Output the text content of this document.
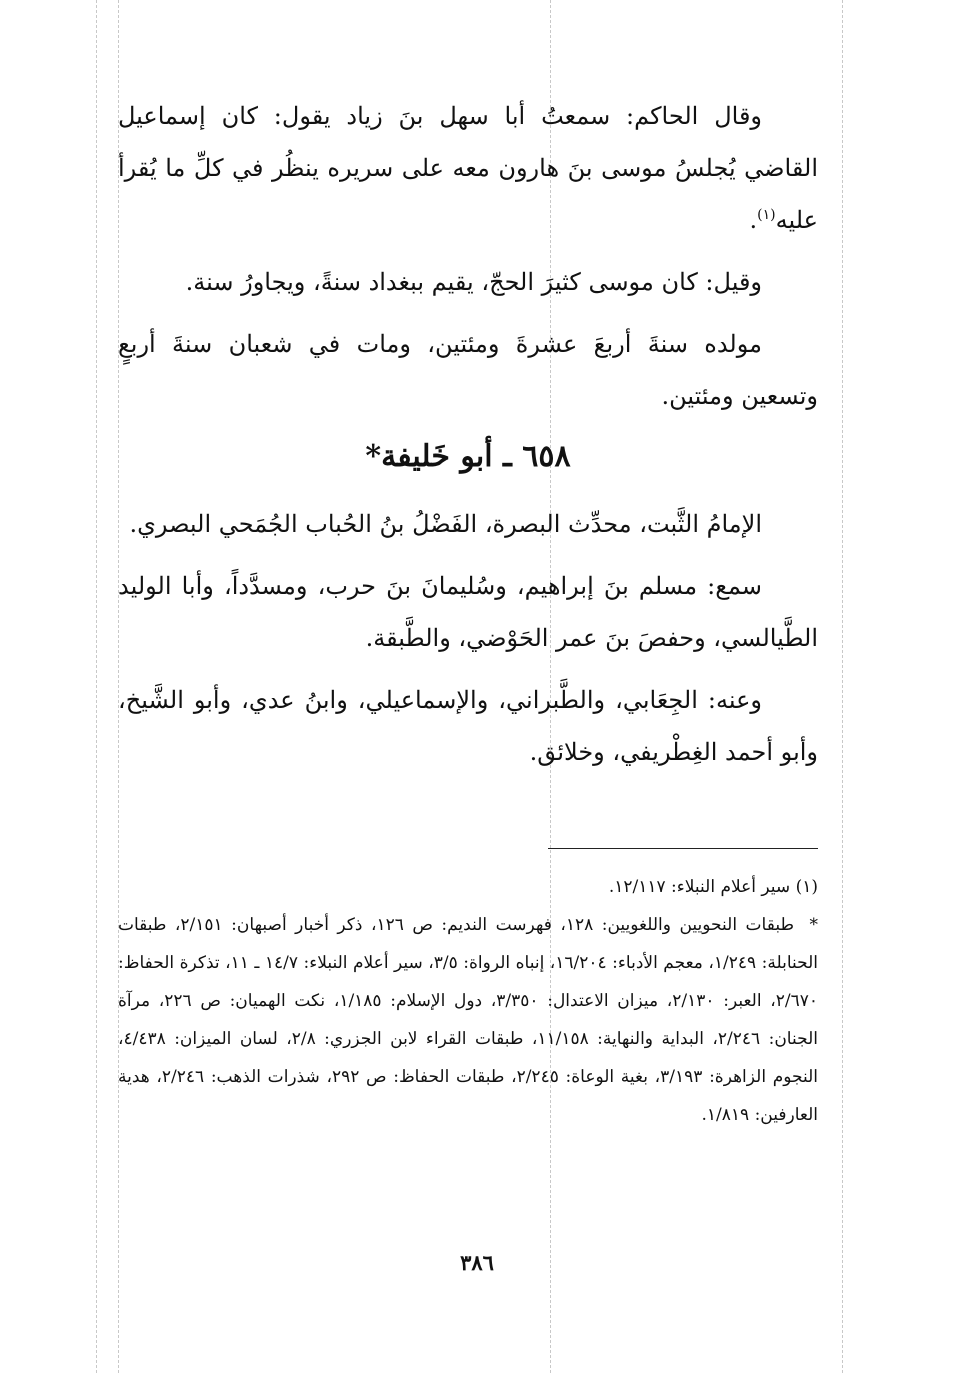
وقال الحاكم: سمعتُ أبا سهل بنَ زياد يقول: كان إسماعيل القاضي يُجلسُ موسى بنَ هارون معه على سريره ينظُر في كلِّ ما يُقرأ عليه$^{(١)}$.

وقيل: كان موسى كثيرَ الحجّ، يقيم ببغداد سنةً، ويجاورُ سنة.

مولده سنةَ أربعَ عشرةَ ومئتين، ومات في شعبان سنةَ أربعٍ وتسعين ومئتين.

٦٥٨ ـ أبو خَليفة*

الإمامُ الثَّبت، محدِّث البصرة، الفَضْلُ بنُ الحُباب الجُمَحي البصري.

سمع: مسلم بنَ إبراهيم، وسُليمانَ بنَ حرب، ومسدَّداً، وأبا الوليد الطَّيالسي، وحفصَ بنَ عمر الحَوْضي، والطَّبقة.

وعنه: الجِعَابي، والطَّبراني، والإسماعيلي، وابنُ عدي، وأبو الشَّيخ، وأبو أحمد الغِطْريفي، وخلائق.

(١) سير أعلام النبلاء: ١٢/١١٧.

*طبقات النحويين واللغويين: ١٢٨، فهرست النديم: ص ١٢٦، ذكر أخبار أصبهان: ٢/١٥١، طبقات الحنابلة: ١/٢٤٩، معجم الأدباء: ١٦/٢٠٤، إنباه الرواة: ٣/٥، سير أعلام النبلاء: ١٤/٧ ـ ١١، تذكرة الحفاظ: ٢/٦٧٠، العبر: ٢/١٣٠، ميزان الاعتدال: ٣/٣٥٠، دول الإسلام: ١/١٨٥، نكت الهميان: ص ٢٢٦، مرآة الجنان: ٢/٢٤٦، البداية والنهاية: ١١/١٥٨، طبقات القراء لابن الجزري: ٢/٨، لسان الميزان: ٤/٤٣٨، النجوم الزاهرة: ٣/١٩٣، بغية الوعاة: ٢/٢٤٥، طبقات الحفاظ: ص ٢٩٢، شذرات الذهب: ٢/٢٤٦، هدية العارفين: ١/٨١٩.

٣٨٦
